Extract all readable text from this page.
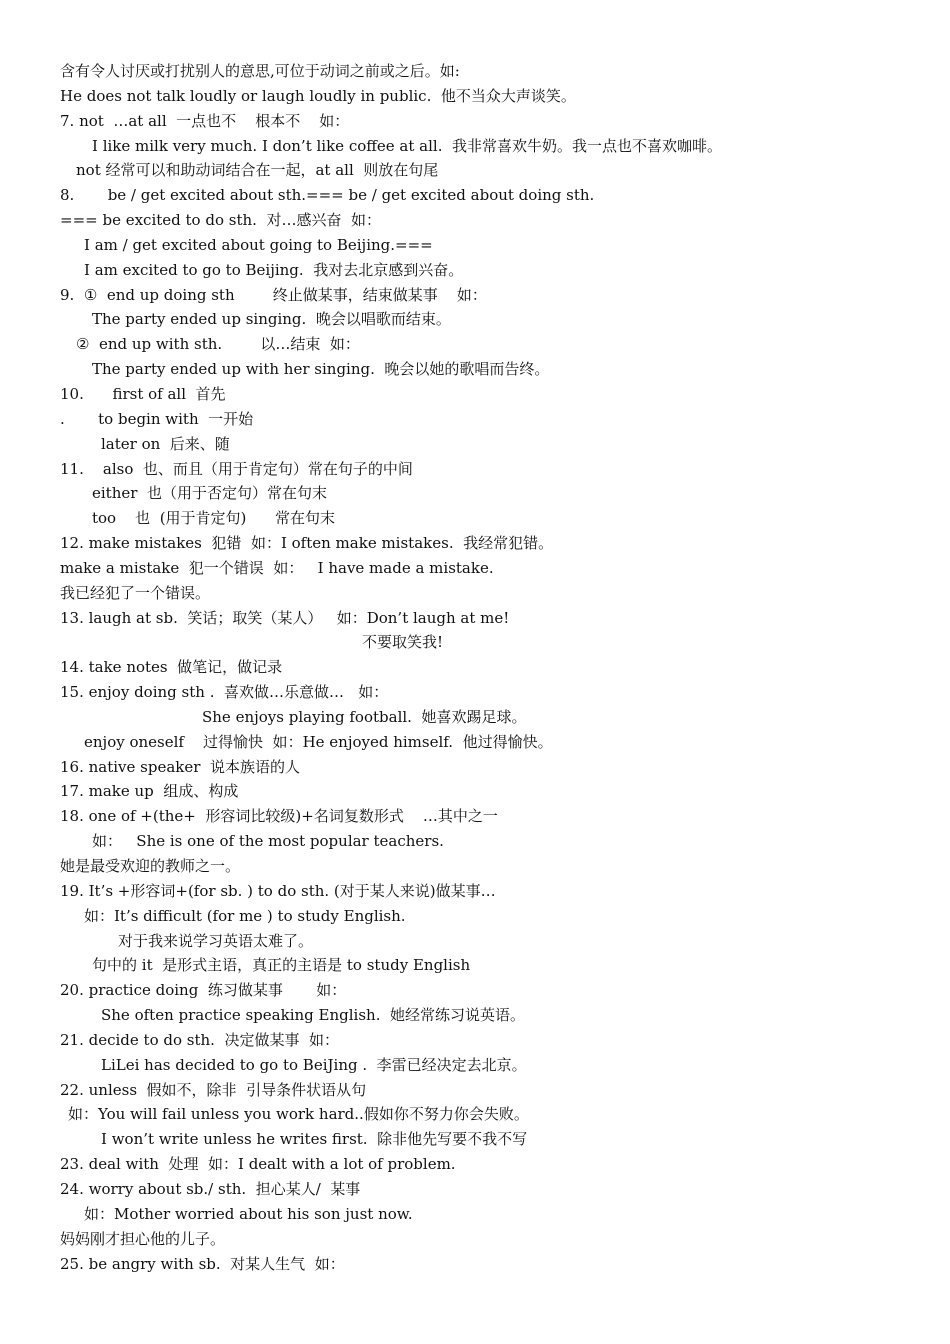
含有令人讨厌或打扰别人的意思,可位于动词之前或之后。如:
He does not talk loudly or laugh loudly in public.  他不当众大声谈笑。
7. not  …at all  一点也不    根本不    如：
I like milk very much. I don’t like coffee at all.  我非常喜欢牛奶。我一点也不喜欢咖啡。
not 经常可以和助动词结合在一起，at all  则放在句尾
8.       be / get excited about sth.=== be / get excited about doing sth.
=== be excited to do sth.  对…感兴奋  如：
I am / get excited about going to Beijing.===
I am excited to go to Beijing.  我对去北京感到兴奋。
9.  ①  end up doing sth        终止做某事，结束做某事    如：
The party ended up singing.  晚会以唱歌而结束。
②  end up with sth.        以…结束  如：
The party ended up with her singing.  晚会以她的歌唱而告终。
10.      first of all  首先
.       to begin with  一开始
later on  后来、随
11.    also  也、而且（用于肯定句）常在句子的中间
either  也（用于否定句）常在句末
too    也  (用于肯定句)      常在句末
12. make mistakes  犯错  如：I often make mistakes.  我经常犯错。
make a mistake  犯一个错误  如：   I have made a mistake.
我已经犯了一个错误。
13. laugh at sb.  笑话；取笑（某人）   如：Don’t laugh at me!
不要取笑我!
14. take notes  做笔记，做记录
15. enjoy doing sth .  喜欢做…乐意做…   如：
She enjoys playing football.  她喜欢踢足球。
enjoy oneself    过得愉快  如：He enjoyed himself.  他过得愉快。
16. native speaker  说本族语的人
17. make up  组成、构成
18. one of +(the+  形容词比较级)+名词复数形式    …其中之一
如：   She is one of the most popular teachers.
她是最受欢迎的教师之一。
19. It’s +形容词+(for sb. ) to do sth. (对于某人来说)做某事…
如：It’s difficult (for me ) to study English.
对于我来说学习英语太难了。
句中的 it  是形式主语，真正的主语是 to study English
20. practice doing  练习做某事       如：
She often practice speaking English.  她经常练习说英语。
21. decide to do sth.  决定做某事  如：
LiLei has decided to go to BeiJing .  李雷已经决定去北京。
22. unless  假如不，除非  引导条件状语从句
如：You will fail unless you work hard..假如你不努力你会失败。
I won’t write unless he writes first.  除非他先写要不我不写
23. deal with  处理  如：I dealt with a lot of problem.
24. worry about sb./ sth.  担心某人/  某事
如：Mother worried about his son just now.
妈妈刚才担心他的儿子。
25. be angry with sb.  对某人生气  如：
